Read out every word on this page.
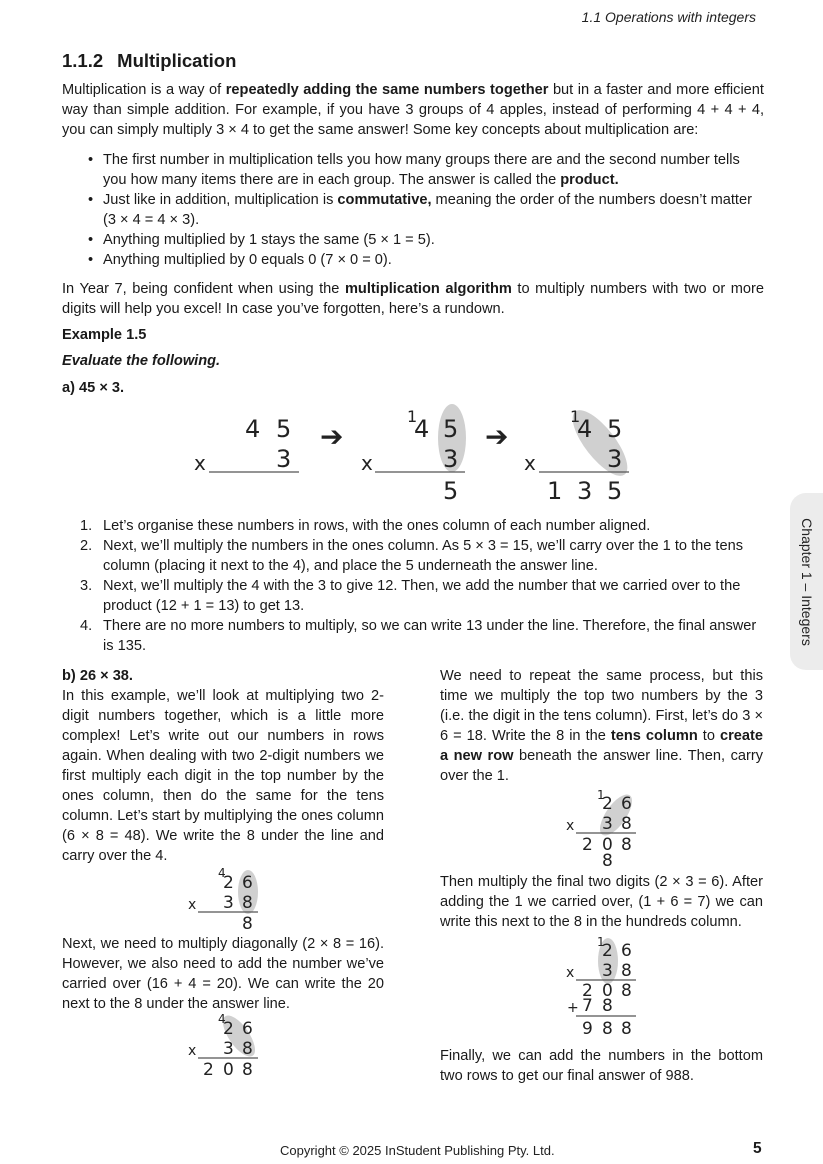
1.1 Operations with integers
1.1.2 Multiplication

Multiplication is a way of repeatedly adding the same numbers together but in a faster and more efficient way than simple addition. For example, if you have 3 groups of 4 apples, instead of performing 4 + 4 + 4, you can simply multiply 3 × 4 to get the same answer! Some key concepts about multiplication are:

• The first number in multiplication tells you how many groups there are and the second number tells you how many items there are in each group. The answer is called the product.
• Just like in addition, multiplication is commutative, meaning the order of the numbers doesn’t matter (3 × 4 = 4 × 3).
• Anything multiplied by 1 stays the same (5 × 1 = 5).
• Anything multiplied by 0 equals 0 (7 × 0 = 0).

In Year 7, being confident when using the multiplication algorithm to multiply numbers with two or more digits will help you excel! In case you’ve forgotten, here’s a rundown.

Example 1.5

Evaluate the following.

a) 45 × 3.

4 5
x	3
➔
1
4 5
x	3
5
➔
1
4 5
x	3
1 3 5
1. Let’s organise these numbers in rows, with the ones column of each number aligned.
2. Next, we’ll multiply the numbers in the ones column. As 5 × 3 = 15, we’ll carry over the 1 to the tens column (placing it next to the 4), and place the 5 underneath the answer line.
3. Next, we’ll multiply the 4 with the 3 to give 12. Then, we add the number that we carried over to the product (12 + 1 = 13) to get 13.
4. There are no more numbers to multiply, so we can write 13 under the line. Therefore, the final answer is 135.

b) 26 × 38.

In this example, we’ll look at multiplying two 2-digit numbers together, which is a little more complex! Let’s write out our numbers in rows again. When dealing with two 2-digit numbers we first multiply each digit in the top number by the ones column, then do the same for the tens column. Let’s start by multiplying the ones column (6 × 8 = 48). We write the 8 under the line and carry over the 4.

4
2 6
x 3 8
8

Next, we need to multiply diagonally (2 × 8 = 16). However, we also need to add the number we’ve carried over (16 + 4 = 20). We can write the 20 next to the 8 under the answer line.

4
2 6
x 3 8
2 0 8

We need to repeat the same process, but this time we multiply the top two numbers by the 3 (i.e. the digit in the tens column). First, let’s do 3 × 6 = 18. Write the 8 in the tens column to create a new row beneath the answer line. Then, carry over the 1.

1
2 6
x 3 8
2 0 8
8

Then multiply the final two digits (2 × 3 = 6). After adding the 1 we carried over, (1 + 6 = 7) we can write this next to the 8 in the hundreds column.

1
2 6
x 3 8
2 0 8
+ 7 8
9 8 8

Finally, we can add the numbers in the bottom two rows to get our final answer of 988.

Chapter 1 – Integers
Copyright © 2025 InStudent Publishing Pty. Ltd.	5
